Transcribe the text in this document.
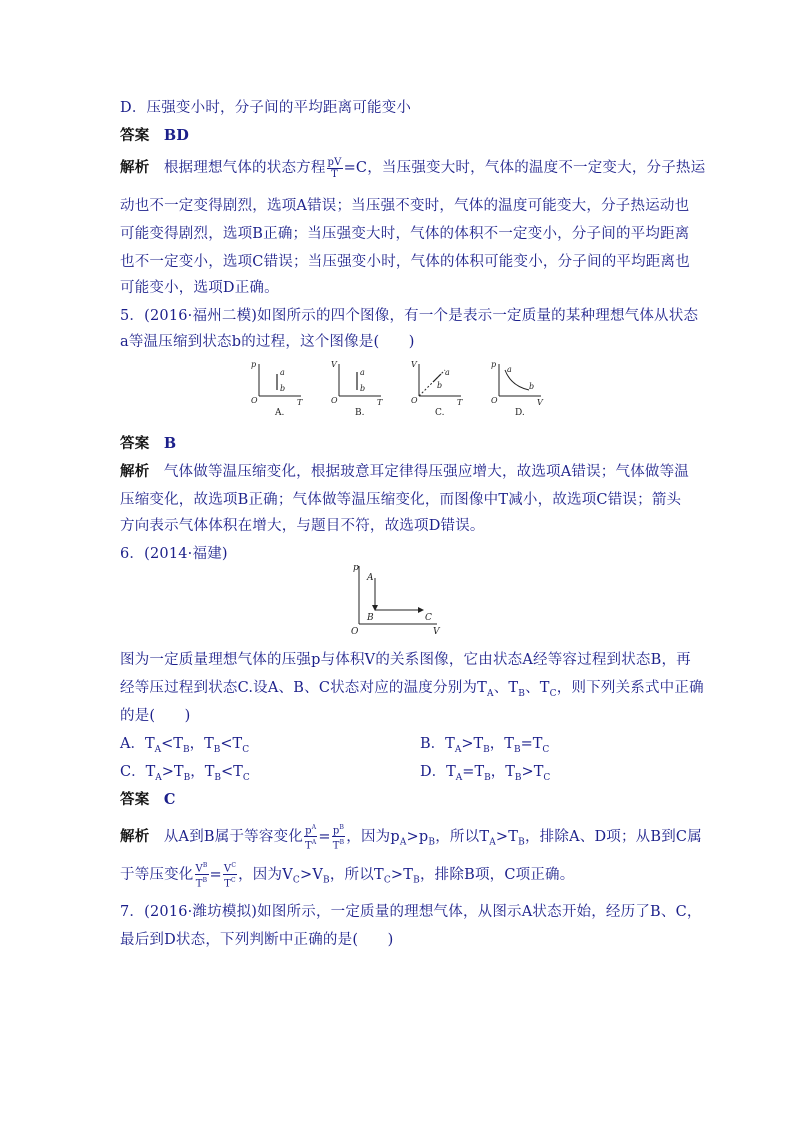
D．压强变小时，分子间的平均距离可能变小
答案 BD
解析 根据理想气体的状态方程 $\frac{pV}{T} =C$，当压强变大时，气体的温度不一定变大，分子热运
动也不一定变得剧烈，选项A错误；当压强不变时，气体的温度可能变大，分子热运动也
可能变得剧烈，选项B正确；当压强变大时，气体的体积不一定变小，分子间的平均距离
也不一定变小，选项C错误；当压强变小时，气体的体积可能变小，分子间的平均距离也
可能变小，选项D正确。
5．(2016·福州二模)如图所示的四个图像，有一个是表示一定质量的某种理想气体从状态
a等温压缩到状态b的过程，这个图像是(　　)
p
T
O
a
b
A.
V
T
O
a
b
B.
V
T
O
a
b
C.
p
V
O
a
b
D.
答案 B
解析 气体做等温压缩变化，根据玻意耳定律得压强应增大，故选项A错误；气体做等温
压缩变化，故选项B正确；气体做等温压缩变化，而图像中T减小，故选项C错误；箭头
方向表示气体体积在增大，与题目不符，故选项D错误。
6．(2014·福建)
p
V
O
A
B	C
图为一定质量理想气体的压强p与体积V的关系图像，它由状态A经等容过程到状态B，再
经等压过程到状态C.设A、B、C状态对应的温度分别为$T_A$、$T_B$、$T_C$，则下列关系式中正确
的是(　　)
A．$T_A<T_B$，$T_B<T_C$	B．$T_A>T_B$，$T_B=T_C$
C．$T_A>T_B$，$T_B<T_C$	D．$T_A=T_B$，$T_B>T_C$
答案 C
解析 从A到B属于等容变化 $\frac{p^A}{T^A} = \frac{p^B}{T^B}$ ，因为$p_A>p_B$，所以$T_A>T_B$，排除A、D项；从B到C属
于等压变化 $\frac{V^B}{T^B} = \frac{V^C}{T^C}$ ，因为$V_C>V_B$，所以$T_C>T_B$，排除B项，C项正确。
7．(2016·潍坊模拟)如图所示，一定质量的理想气体，从图示A状态开始，经历了B、C，
最后到D状态，下列判断中正确的是(　　)
